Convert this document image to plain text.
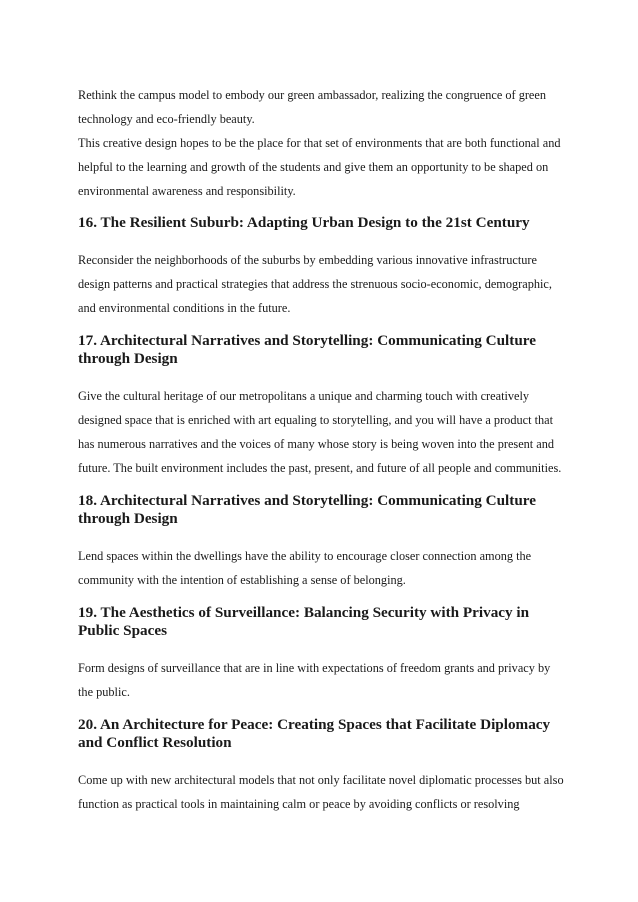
Rethink the campus model to embody our green ambassador, realizing the congruence of green technology and eco-friendly beauty.

This creative design hopes to be the place for that set of environments that are both functional and helpful to the learning and growth of the students and give them an opportunity to be shaped on environmental awareness and responsibility.

16. The Resilient Suburb: Adapting Urban Design to the 21st Century

Reconsider the neighborhoods of the suburbs by embedding various innovative infrastructure design patterns and practical strategies that address the strenuous socio-economic, demographic, and environmental conditions in the future.

17. Architectural Narratives and Storytelling: Communicating Culture through Design

Give the cultural heritage of our metropolitans a unique and charming touch with creatively designed space that is enriched with art equaling to storytelling, and you will have a product that has numerous narratives and the voices of many whose story is being woven into the present and future. The built environment includes the past, present, and future of all people and communities.

18. Architectural Narratives and Storytelling: Communicating Culture through Design

Lend spaces within the dwellings have the ability to encourage closer connection among the community with the intention of establishing a sense of belonging.

19. The Aesthetics of Surveillance: Balancing Security with Privacy in Public Spaces

Form designs of surveillance that are in line with expectations of freedom grants and privacy by the public.

20. An Architecture for Peace: Creating Spaces that Facilitate Diplomacy and Conflict Resolution

Come up with new architectural models that not only facilitate novel diplomatic processes but also function as practical tools in maintaining calm or peace by avoiding conflicts or resolving
